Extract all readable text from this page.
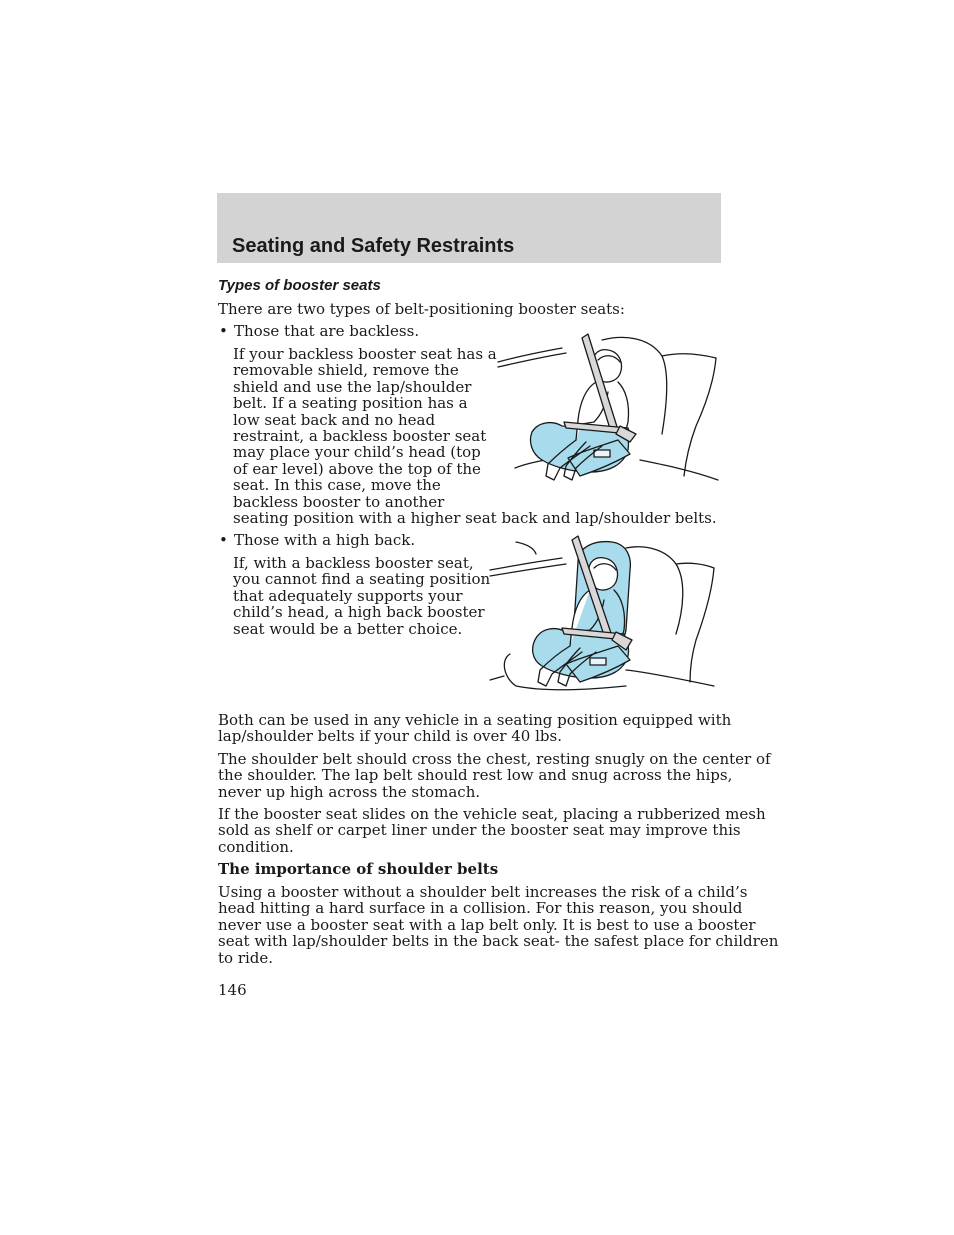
Seating and Safety Restraints
Types of booster seats

There are two types of belt-positioning booster seats:

• Those that are backless.

If your backless booster seat has a

removable shield, remove the

shield and use the lap/shoulder

belt. If a seating position has a

low seat back and no head

restraint, a backless booster seat

may place your child’s head (top

of ear level) above the top of the

seat. In this case, move the

backless booster to another

seating position with a higher seat back and lap/shoulder belts.

• Those with a high back.

If, with a backless booster seat,

you cannot find a seating position

that adequately supports your

child’s head, a high back booster

seat would be a better choice.

Both can be used in any vehicle in a seating position equipped with

lap/shoulder belts if your child is over 40 lbs.

The shoulder belt should cross the chest, resting snugly on the center of

the shoulder. The lap belt should rest low and snug across the hips,

never up high across the stomach.

If the booster seat slides on the vehicle seat, placing a rubberized mesh

sold as shelf or carpet liner under the booster seat may improve this

condition.

The importance of shoulder belts

Using a booster without a shoulder belt increases the risk of a child’s

head hitting a hard surface in a collision. For this reason, you should

never use a booster seat with a lap belt only. It is best to use a booster

seat with lap/shoulder belts in the back seat- the safest place for children

to ride.

146
